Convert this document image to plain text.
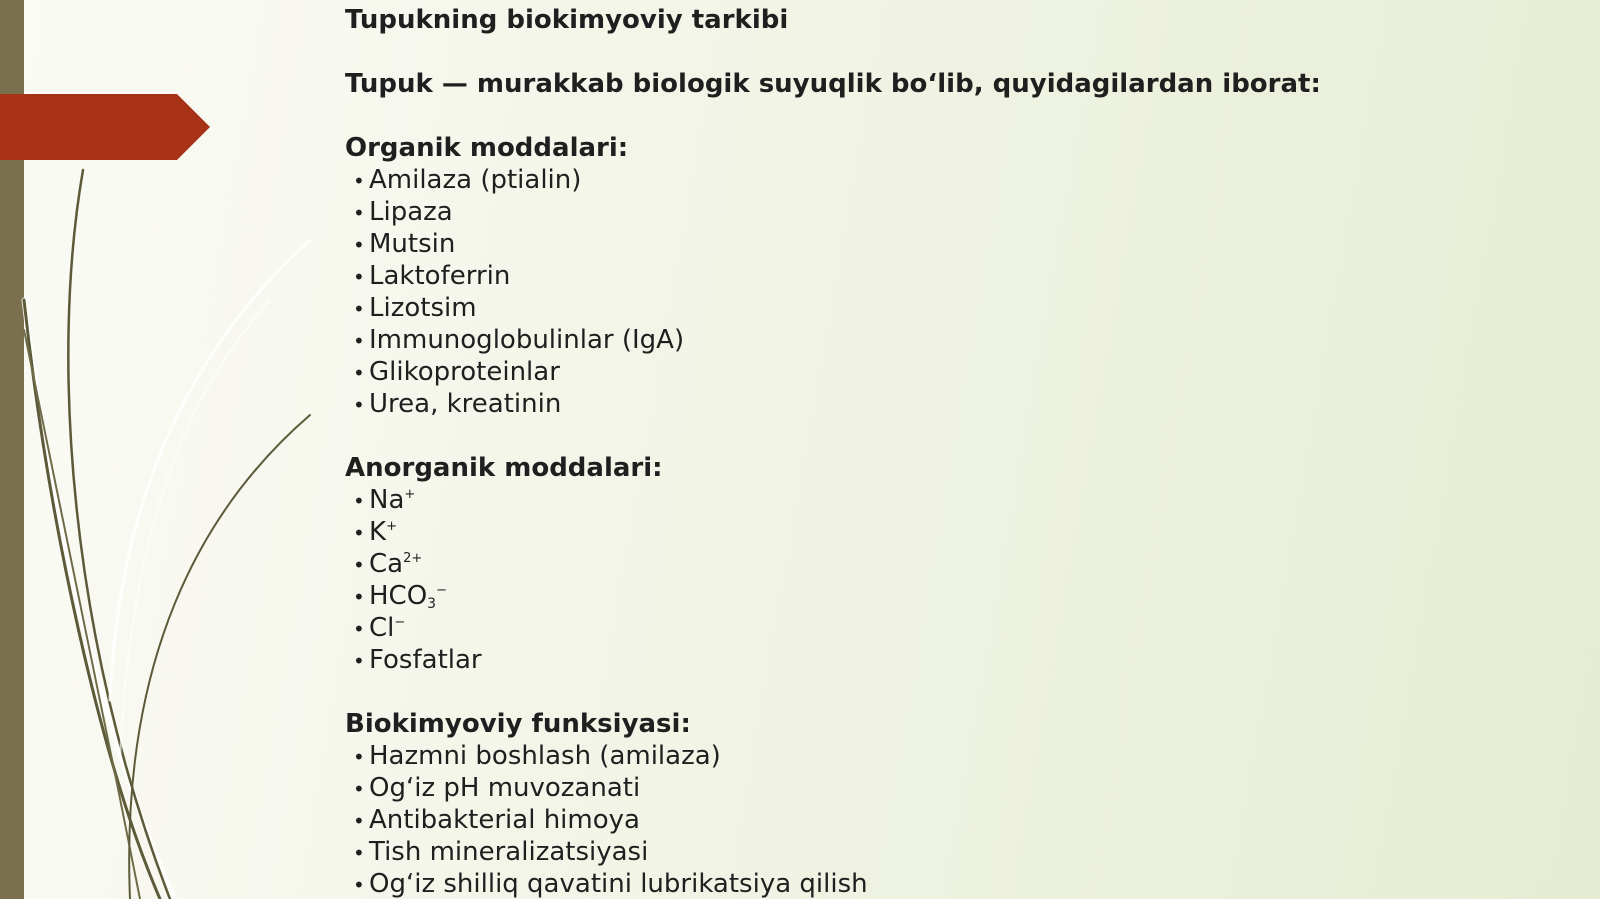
Tupukning biokimyoviy tarkibi
Tupuk — murakkab biologik suyuqlik bo‘lib, quyidagilardan iborat:
Organik moddalari:
• Amilaza (ptialin)
• Lipaza
• Mutsin
• Laktoferrin
• Lizotsim
• Immunoglobulinlar (IgA)
• Glikoproteinlar
• Urea, kreatinin
Anorganik moddalari:
• Na+
• K+
• $Ca^{2+}$
• $HCO_3^-$
• Cl−
• Fosfatlar
Biokimyoviy funksiyasi:
• Hazmni boshlash (amilaza)
• Og‘iz pH muvozanati
• Antibakterial himoya
• Tish mineralizatsiyasi
• Og‘iz shilliq qavatini lubrikatsiya qilish
